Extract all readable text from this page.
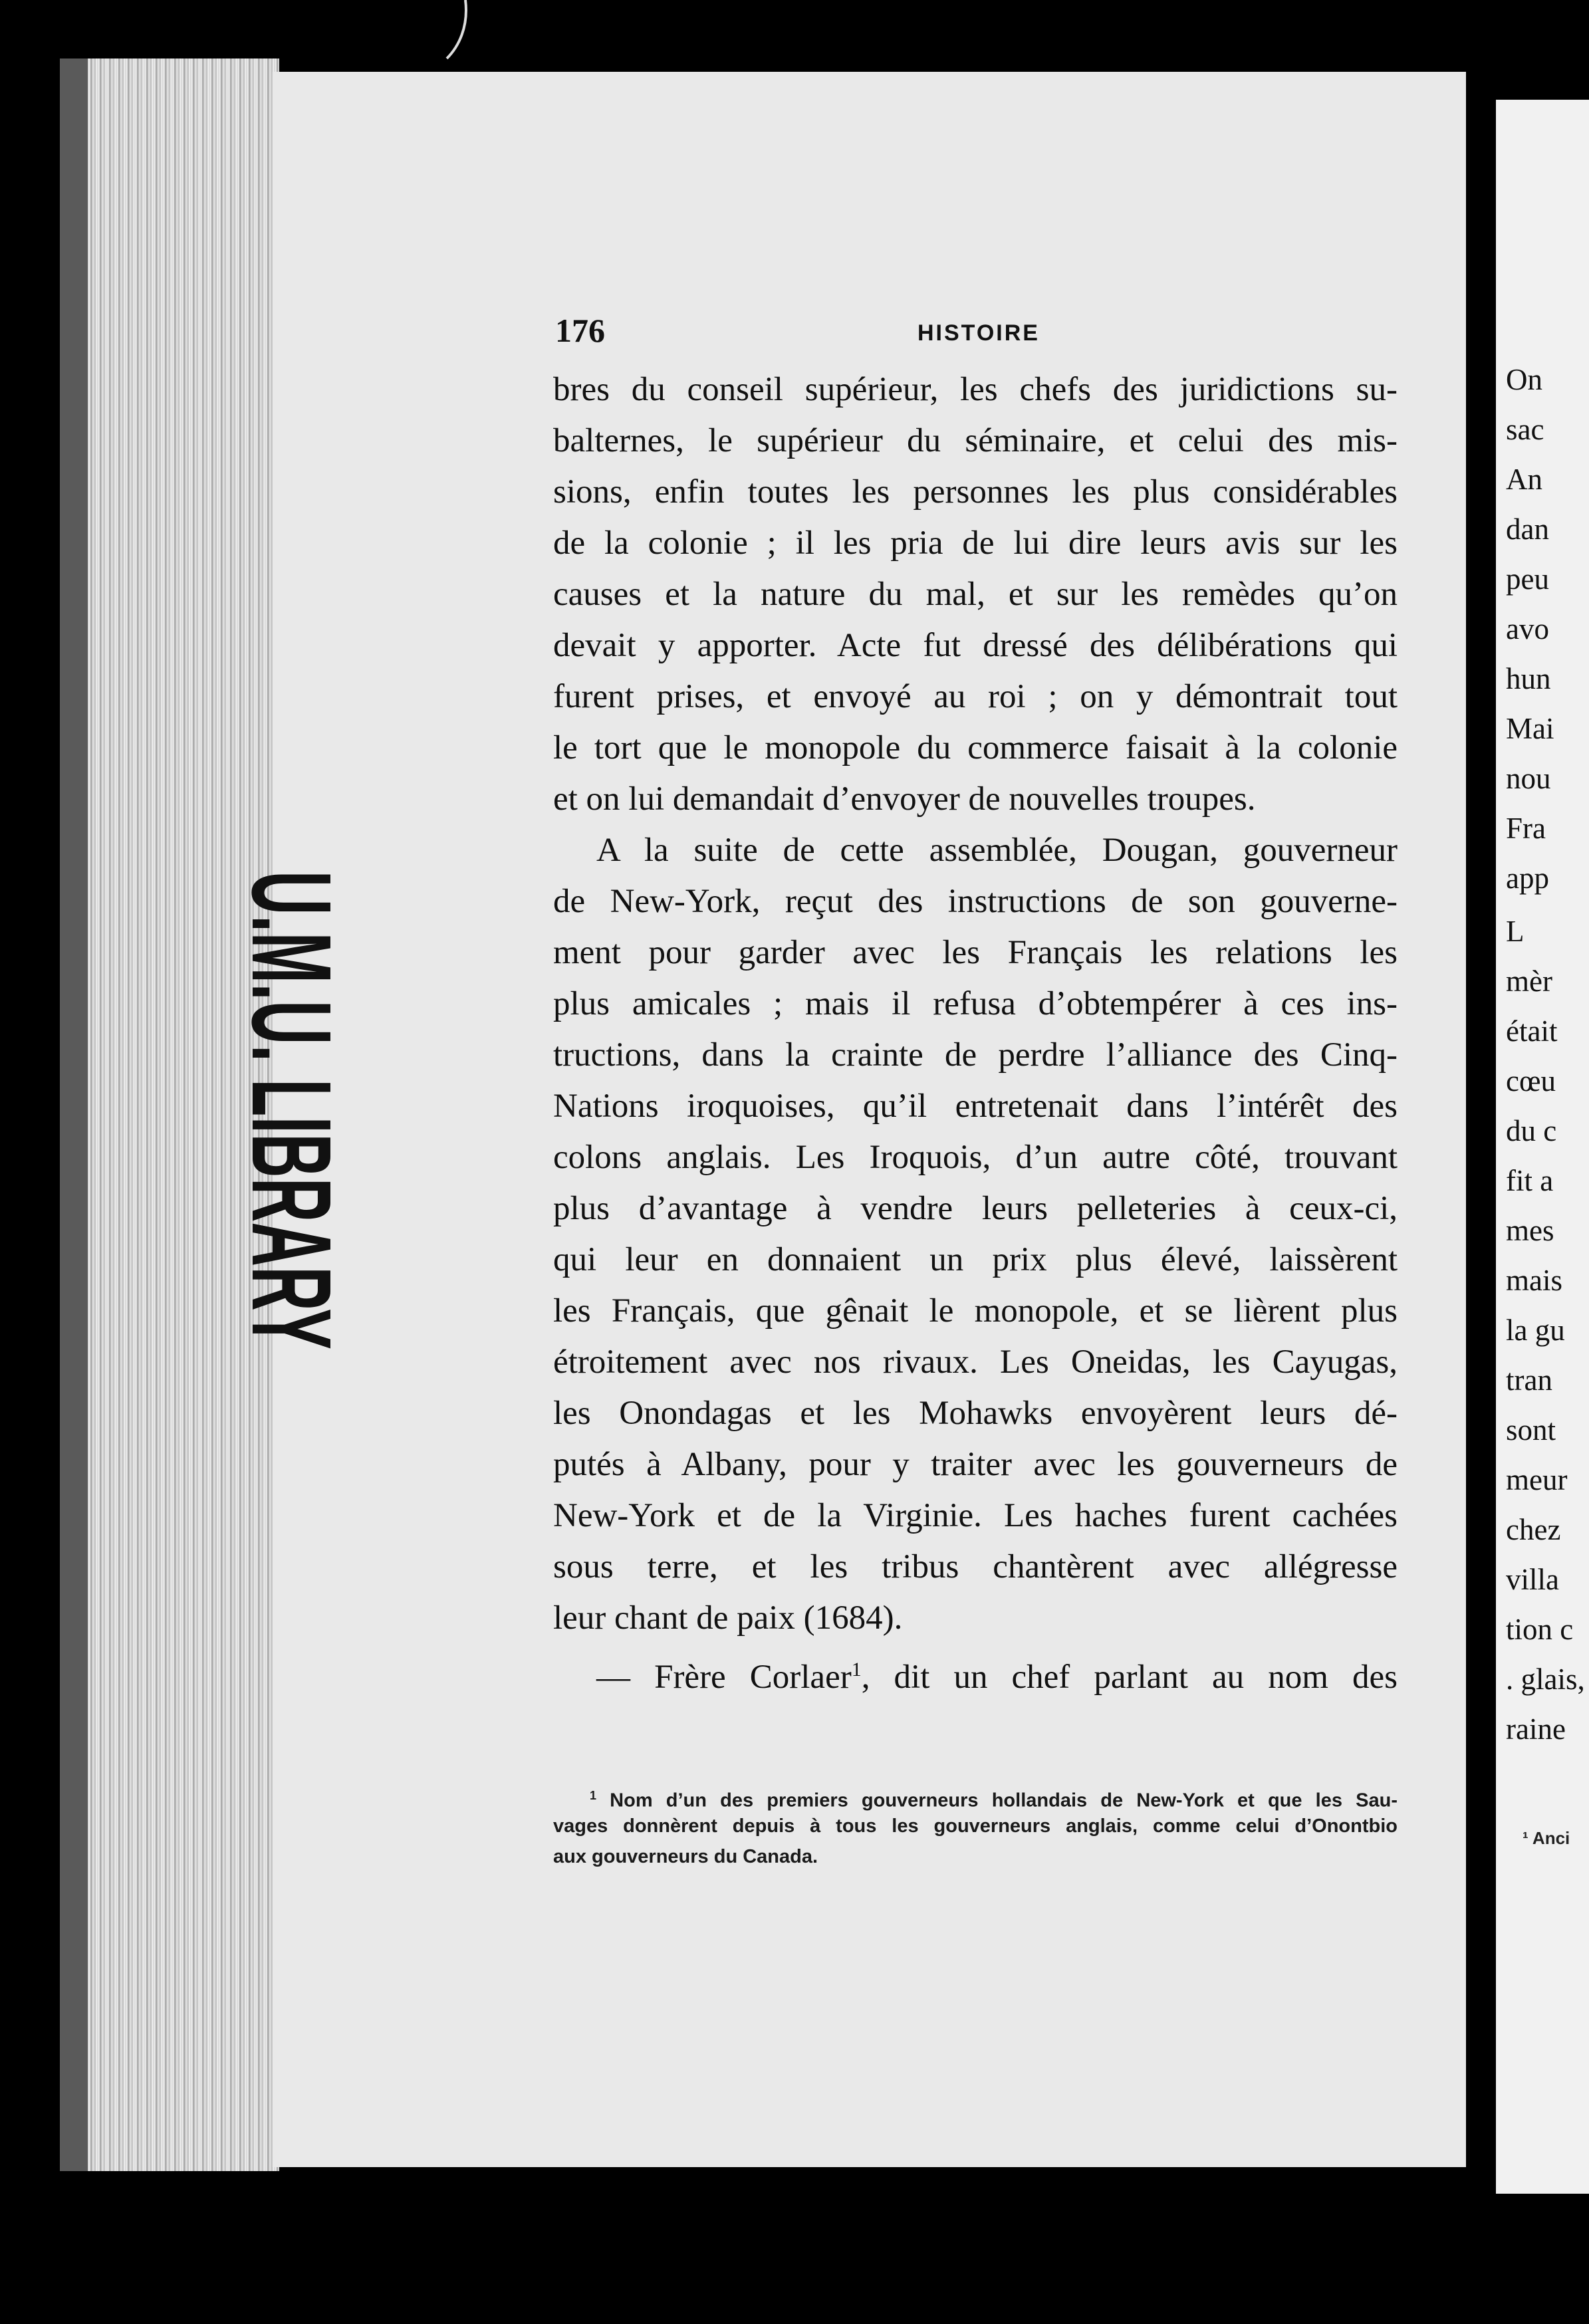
U.M.U. LIBRARY
176	HISTOIRE
bres du conseil supérieur, les chefs des juridictions su-
balternes, le supérieur du séminaire, et celui des mis-
sions, enfin toutes les personnes les plus considérables
de la colonie ; il les pria de lui dire leurs avis sur les
causes et la nature du mal, et sur les remèdes qu’on
devait y apporter. Acte fut dressé des délibérations qui
furent prises, et envoyé au roi ; on y démontrait tout
le tort que le monopole du commerce faisait à la colonie
et on lui demandait d’envoyer de nouvelles troupes.
A la suite de cette assemblée, Dougan, gouverneur
de New-York, reçut des instructions de son gouverne-
ment pour garder avec les Français les relations les
plus amicales ; mais il refusa d’obtempérer à ces ins-
tructions, dans la crainte de perdre l’alliance des Cinq-
Nations iroquoises, qu’il entretenait dans l’intérêt des
colons anglais. Les Iroquois, d’un autre côté, trouvant
plus d’avantage à vendre leurs pelleteries à ceux-ci,
qui leur en donnaient un prix plus élevé, laissèrent
les Français, que gênait le monopole, et se lièrent plus
étroitement avec nos rivaux. Les Oneidas, les Cayugas,
les Onondagas et les Mohawks envoyèrent leurs dé-
putés à Albany, pour y traiter avec les gouverneurs de
New-York et de la Virginie. Les haches furent cachées
sous terre, et les tribus chantèrent avec allégresse
leur chant de paix (1684).
— Frère Corlaer$^1$, dit un chef parlant au nom des
$^1$ Nom d’un des premiers gouverneurs hollandais de New-York et que les Sau-
vages donnèrent depuis à tous les gouverneurs anglais, comme celui d’Onontbio
aux gouverneurs du Canada.
On
sac
An
dan
peu
avo
hun
Mai
nou
Fra
app
L
mèr
était
cœu
du c
fit a
mes
mais
la gu
tran
sont
meur
chez
villa
tion c
. glais,
raine
¹ Anci
